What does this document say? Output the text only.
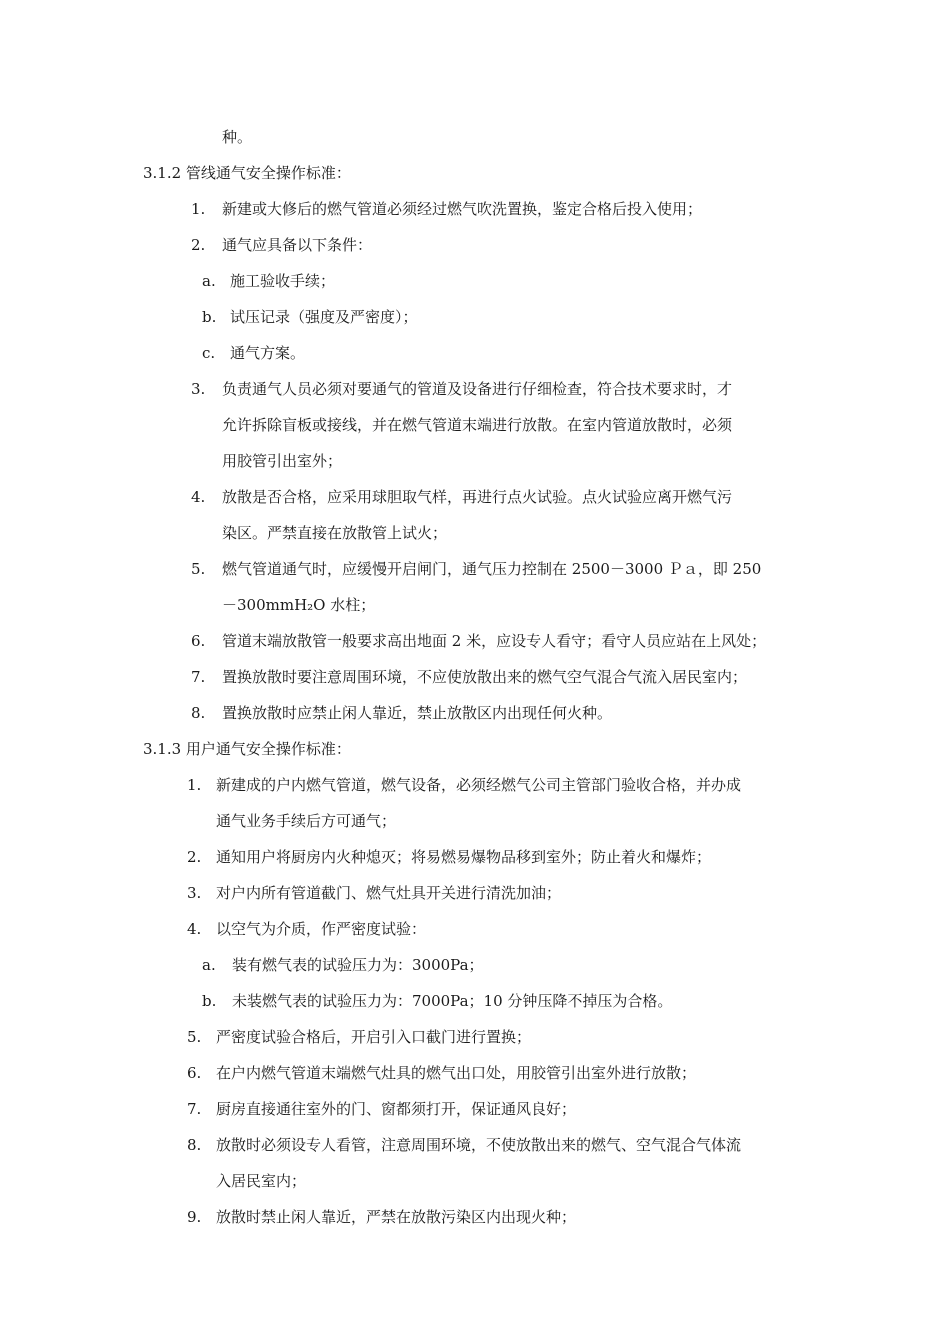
种。
3.1.2 管线通气安全操作标准：
1. 新建或大修后的燃气管道必须经过燃气吹洗置换，鉴定合格后投入使用；
2. 通气应具备以下条件：
a. 施工验收手续；
b. 试压记录（强度及严密度）；
c. 通气方案。
3. 负责通气人员必须对要通气的管道及设备进行仔细检查，符合技术要求时，才
允许拆除盲板或接线，并在燃气管道末端进行放散。在室内管道放散时，必须
用胶管引出室外；
4. 放散是否合格，应采用球胆取气样，再进行点火试验。点火试验应离开燃气污
染区。严禁直接在放散管上试火；
5. 燃气管道通气时，应缓慢开启闸门，通气压力控制在 2500－3000 Ｐａ，即 250
－300mmH₂O 水柱；
6. 管道末端放散管一般要求高出地面 2 米，应设专人看守；看守人员应站在上风处；
7. 置换放散时要注意周围环境，不应使放散出来的燃气空气混合气流入居民室内；
8. 置换放散时应禁止闲人靠近，禁止放散区内出现任何火种。
3.1.3 用户通气安全操作标准：
1. 新建成的户内燃气管道，燃气设备，必须经燃气公司主管部门验收合格，并办成
通气业务手续后方可通气；
2. 通知用户将厨房内火种熄灭；将易燃易爆物品移到室外；防止着火和爆炸；
3. 对户内所有管道截门、燃气灶具开关进行清洗加油；
4. 以空气为介质，作严密度试验：
a. 装有燃气表的试验压力为：3000Pa；
b. 未装燃气表的试验压力为：7000Pa；10 分钟压降不掉压为合格。
5. 严密度试验合格后，开启引入口截门进行置换；
6. 在户内燃气管道末端燃气灶具的燃气出口处，用胶管引出室外进行放散；
7. 厨房直接通往室外的门、窗都须打开，保证通风良好；
8. 放散时必须设专人看管，注意周围环境，不使放散出来的燃气、空气混合气体流
入居民室内；
9. 放散时禁止闲人靠近，严禁在放散污染区内出现火种；
